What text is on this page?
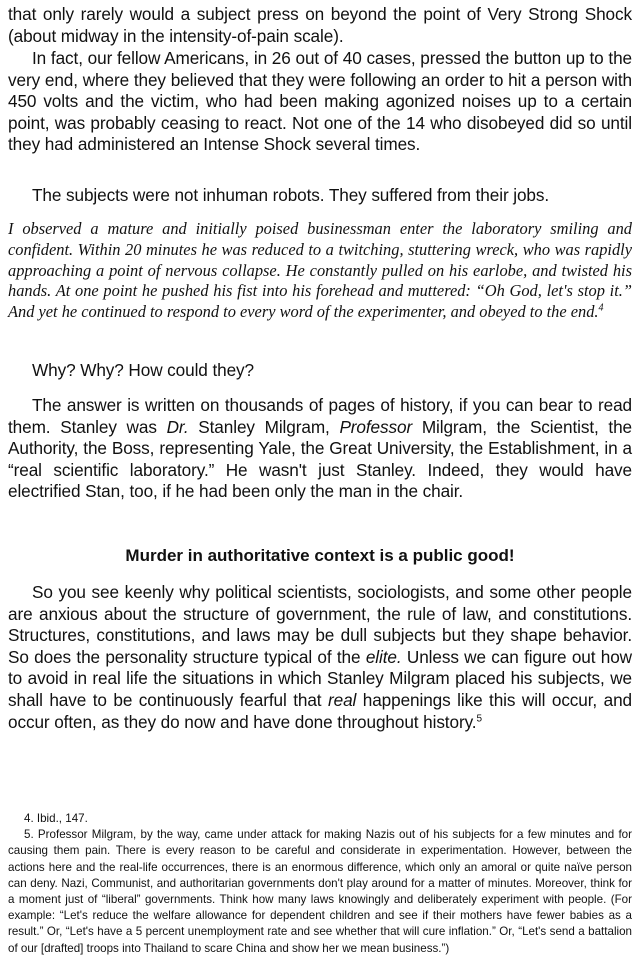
that only rarely would a subject press on beyond the point of Very Strong Shock (about midway in the intensity-of-pain scale).

In fact, our fellow Americans, in 26 out of 40 cases, pressed the button up to the very end, where they believed that they were following an order to hit a person with 450 volts and the victim, who had been making agonized noises up to a certain point, was probably ceasing to react. Not one of the 14 who disobeyed did so until they had administered an Intense Shock several times.

The subjects were not inhuman robots. They suffered from their jobs.

I observed a mature and initially poised businessman enter the laboratory smiling and confident. Within 20 minutes he was reduced to a twitching, stuttering wreck, who was rapidly approaching a point of nervous collapse. He constantly pulled on his earlobe, and twisted his hands. At one point he pushed his fist into his forehead and muttered: “Oh God, let's stop it.” And yet he continued to respond to every word of the experimenter, and obeyed to the end.$^4$

Why? Why? How could they?

The answer is written on thousands of pages of history, if you can bear to read them. Stanley was Dr. Stanley Milgram, Professor Milgram, the Scientist, the Authority, the Boss, representing Yale, the Great University, the Establishment, in a “real scientific laboratory.” He wasn't just Stanley. Indeed, they would have electrified Stan, too, if he had been only the man in the chair.

Murder in authoritative context is a public good!

So you see keenly why political scientists, sociologists, and some other people are anxious about the structure of government, the rule of law, and constitutions. Structures, constitutions, and laws may be dull subjects but they shape behavior. So does the personality structure typical of the elite. Unless we can figure out how to avoid in real life the situations in which Stanley Milgram placed his subjects, we shall have to be continuously fearful that real happenings like this will occur, and occur often, as they do now and have done throughout history.$^5$

4. Ibid., 147.

5. Professor Milgram, by the way, came under attack for making Nazis out of his subjects for a few minutes and for causing them pain. There is every reason to be careful and considerate in experimentation. However, between the actions here and the real-life occurrences, there is an enormous difference, which only an amoral or quite naïve person can deny. Nazi, Communist, and authoritarian governments don't play around for a matter of minutes. Moreover, think for a moment just of “liberal” governments. Think how many laws knowingly and deliberately experiment with people. (For example: “Let's reduce the welfare allowance for dependent children and see if their mothers have fewer babies as a result.” Or, “Let's have a 5 percent unemployment rate and see whether that will cure inflation.” Or, “Let's send a battalion of our [drafted] troops into Thailand to scare China and show her we mean business.”)
